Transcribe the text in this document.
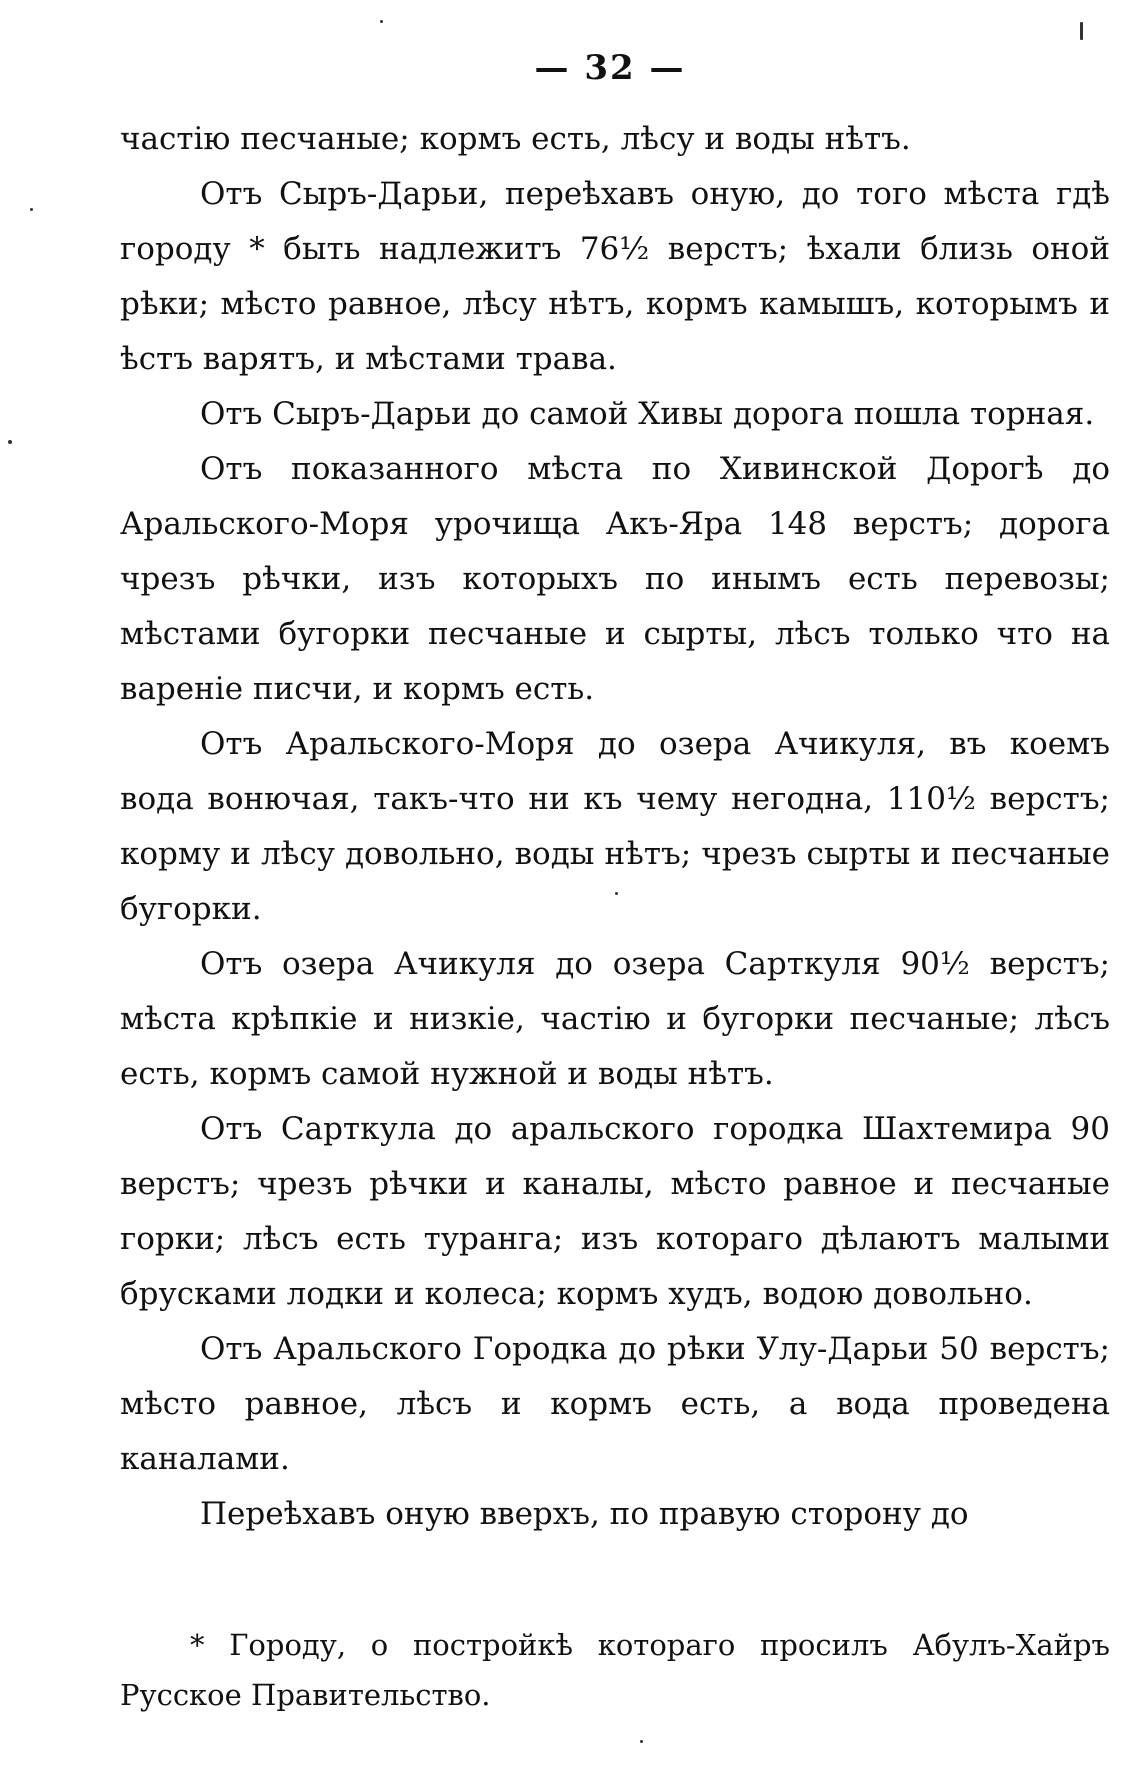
— 32 —

частію песчаные; кормъ есть, лѣсу и воды нѣтъ.

Отъ Сыръ-Дарьи, переѣхавъ оную, до того мѣста гдѣ городу * быть надлежитъ 76½ верстъ; ѣхали близь оной рѣки; мѣсто равное, лѣсу нѣтъ, кормъ камышъ, которымъ и ѣстъ варятъ, и мѣстами трава.

Отъ Сыръ-Дарьи до самой Хивы дорога пошла торная.

Отъ показанного мѣста по Хивинской Дорогѣ до Аральского-Моря урочища Акъ-Яра 148 верстъ; дорога чрезъ рѣчки, изъ которыхъ по инымъ есть перевозы; мѣстами бугорки песчаные и сырты, лѣсъ только что на вареніе писчи, и кормъ есть.

Отъ Аральского-Моря до озера Ачикуля, въ коемъ вода вонючая, такъ-что ни къ чему негодна, 110½ верстъ; корму и лѣсу довольно, воды нѣтъ; чрезъ сырты и песчаные бугорки.

Отъ озера Ачикуля до озера Сарткуля 90½ верстъ; мѣста крѣпкіе и низкіе, частію и бугорки песчаные; лѣсъ есть, кормъ самой нужной и воды нѣтъ.

Отъ Сарткула до аральского городка Шахтемира 90 верстъ; чрезъ рѣчки и каналы, мѣсто равное и песчаные горки; лѣсъ есть туранга; изъ котораго дѣлаютъ малыми брусками лодки и колеса; кормъ худъ, водою довольно.

Отъ Аральского Городка до рѣки Улу-Дарьи 50 верстъ; мѣсто равное, лѣсъ и кормъ есть, а вода проведена каналами.

Переѣхавъ оную вверхъ, по правую сторону до

* Городу, о постройкѣ котораго просилъ Абулъ-Хайръ Русское Правительство.
